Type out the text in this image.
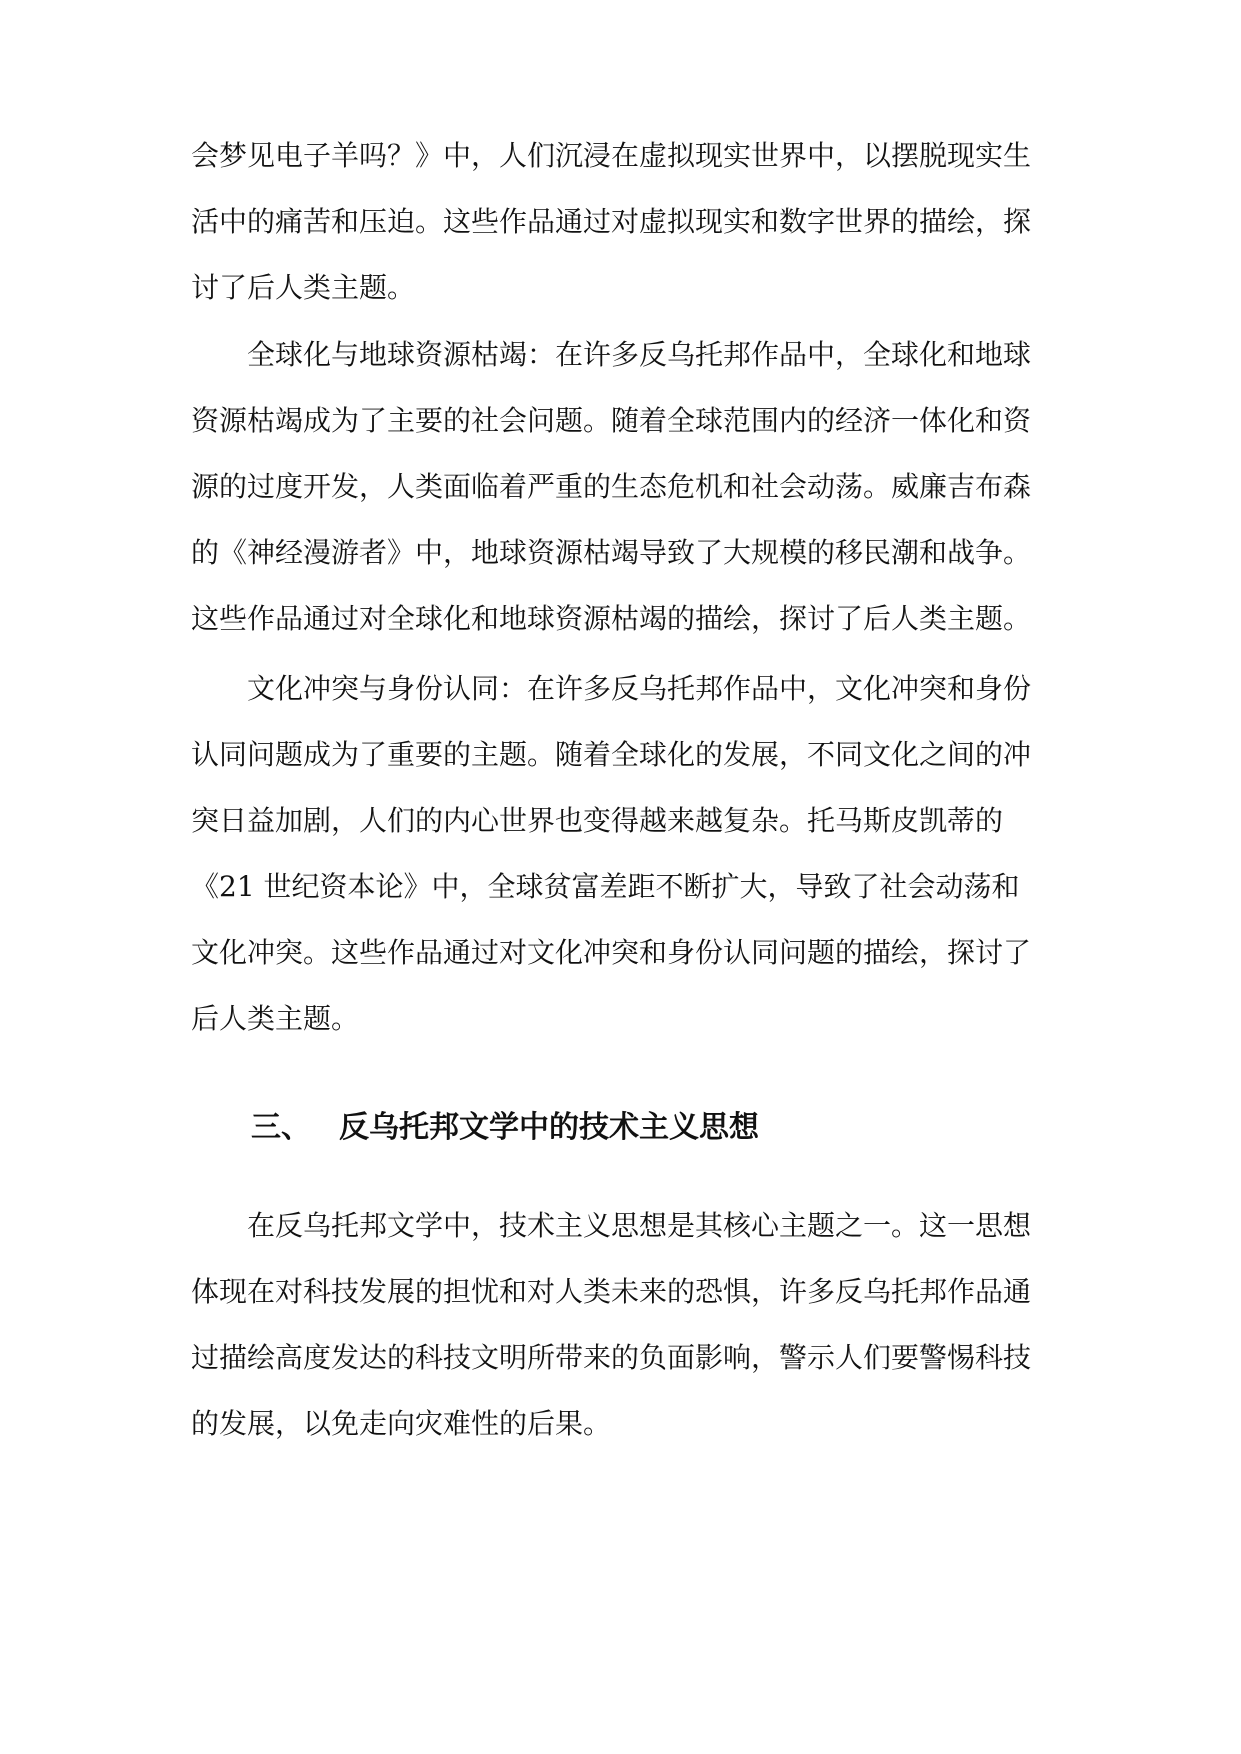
会梦见电子羊吗？》中，人们沉浸在虚拟现实世界中，以摆脱现实生
活中的痛苦和压迫。这些作品通过对虚拟现实和数字世界的描绘，探
讨了后人类主题。
全球化与地球资源枯竭：在许多反乌托邦作品中，全球化和地球
资源枯竭成为了主要的社会问题。随着全球范围内的经济一体化和资
源的过度开发，人类面临着严重的生态危机和社会动荡。威廉吉布森
的《神经漫游者》中，地球资源枯竭导致了大规模的移民潮和战争。
这些作品通过对全球化和地球资源枯竭的描绘，探讨了后人类主题。
文化冲突与身份认同：在许多反乌托邦作品中，文化冲突和身份
认同问题成为了重要的主题。随着全球化的发展，不同文化之间的冲
突日益加剧，人们的内心世界也变得越来越复杂。托马斯皮凯蒂的
《21 世纪资本论》中，全球贫富差距不断扩大，导致了社会动荡和
文化冲突。这些作品通过对文化冲突和身份认同问题的描绘，探讨了
后人类主题。
三、 反乌托邦文学中的技术主义思想
在反乌托邦文学中，技术主义思想是其核心主题之一。这一思想
体现在对科技发展的担忧和对人类未来的恐惧，许多反乌托邦作品通
过描绘高度发达的科技文明所带来的负面影响，警示人们要警惕科技
的发展，以免走向灾难性的后果。
